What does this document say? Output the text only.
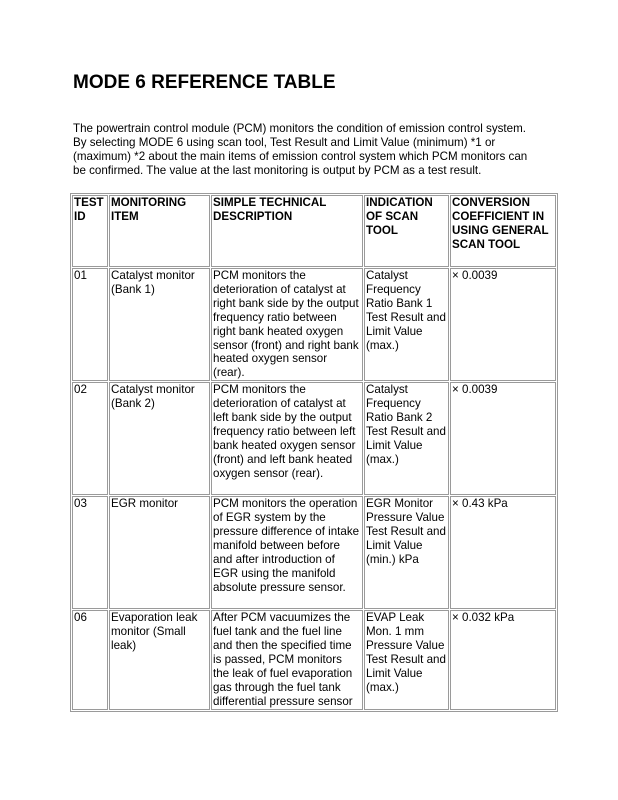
MODE 6 REFERENCE TABLE

The powertrain control module (PCM) monitors the condition of emission control system.

By selecting MODE 6 using scan tool, Test Result and Limit Value (minimum) *1 or (maximum) *2 about the main items of emission control system which PCM monitors can be confirmed. The value at the last monitoring is output by PCM as a test result.

TEST ID	MONITORING ITEM	SIMPLE TECHNICAL DESCRIPTION	INDICATION OF SCAN TOOL	CONVERSION COEFFICIENT IN USING GENERAL SCAN TOOL
01	Catalyst monitor (Bank 1)	PCM monitors the deterioration of catalyst at right bank side by the output frequency ratio between right bank heated oxygen sensor (front) and right bank heated oxygen sensor (rear).	Catalyst Frequency Ratio Bank 1 Test Result and Limit Value (max.)	× 0.0039
02	Catalyst monitor (Bank 2)	PCM monitors the deterioration of catalyst at left bank side by the output frequency ratio between left bank heated oxygen sensor (front) and left bank heated oxygen sensor (rear).	Catalyst Frequency Ratio Bank 2 Test Result and Limit Value (max.)	× 0.0039
03	EGR monitor	PCM monitors the operation of EGR system by the pressure difference of intake manifold between before and after introduction of EGR using the manifold absolute pressure sensor.	EGR Monitor Pressure Value Test Result and Limit Value (min.) kPa	× 0.43 kPa
06	Evaporation leak monitor (Small leak)	After PCM vacuumizes the fuel tank and the fuel line and then the specified time is passed, PCM monitors the leak of fuel evaporation gas through the fuel tank differential pressure sensor	EVAP Leak Mon. 1 mm Pressure Value Test Result and Limit Value (max.)	× 0.032 kPa
